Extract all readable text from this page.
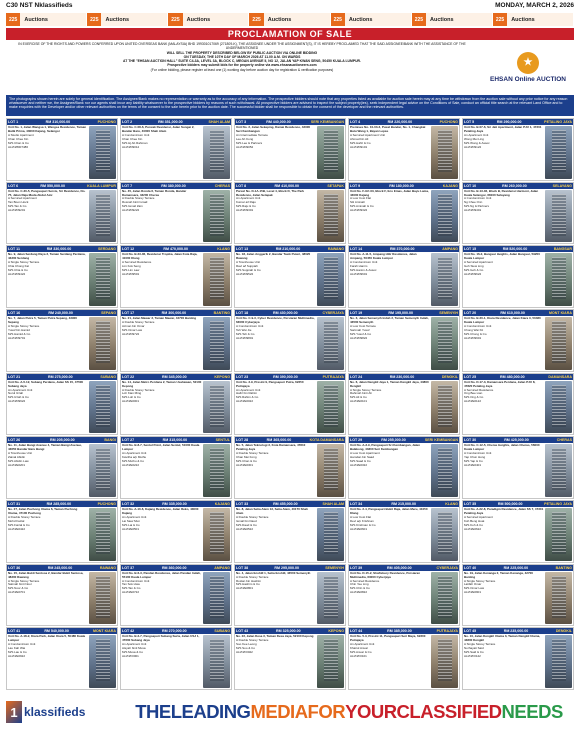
C30 NST Nklassifieds	MONDAY, MARCH 2, 2026
225	Auctions	225	Auctions	225	Auctions	225	Auctions	225	Auctions	225	Auctions	225	Auctions
PROCLAMATION OF SALE
IN EXERCISE OF THE RIGHTS AND POWERS CONFERRED UPON UNITED OVERSEAS BANK (MALAYSIA) BHD 199301017069 (271809-K), THE ASSIGNEE UNDER THE ASSIGNMENT(S), IT IS HEREBY PROCLAIMED THAT THE SAID ASSIGNEE/BANK WITH THE ASSISTANCE OF THE UNDERMENTIONED
WILL SELL THE PROPERTY DESCRIBED BELOW BY PUBLIC AUCTION VIA ONLINE BIDDING
ON TUESDAY, THE 10TH DAY OF MARCH 2026 AT 11.00 A.M. ON WARDS
AT THE "EHSAN AUCTION HALL" SUITE C4-3A, LEVEL 3A, BLOCK C, MEGAN AVENUE II, NO 12, JALAN YAP KWAN SENG, 50450 KUALA LUMPUR.
Prospective bidders may submit bids for the property online via www.ehsanauctioneers.com
(For online bidding, please register at least one (1) working day before auction day for registration & verification purposes)
★
EHSAN Online AUCTION
The photographs shown herein are solely for general identification. The Assignee/Bank makes no representation or warranty as to the accuracy of any information. The prospective bidders should note that any properties listed as available for auction sale herein may at any time be withdrawn from the auction sale without any prior notice for any reason whatsoever and neither we, the Assignee/Bank nor our agents shall incur any liability whatsoever to the prospective bidders by reasons of such withdrawal. All prospective bidders are advised to inspect the subject property(ies), seek independent legal advice on the Conditions of Sale, conduct an official title search at the relevant Land Office and to make enquiries with the Developer and/or other relevant authorities on the terms of the consent to the sale herein prior to the auction date. The successful bidder shall be responsible to obtain the consent of the developer and the relevant authorities.
LOT 1	RM 310,000.00	PUCHONG
Unit No. 1, Jalan Wangsa 1, Wangsa Residence, Taman Batik Prima, 43000 Kajang, Selangor
A Studio Apartment
Chan Chee Kin
M/S Chan & Co
ALI/N/8007486
LOT 6	RM 550,000.00	KUALA LUMPUR
Unit No. C-30-5, Pangsapuri Servis, Sri Residence, No. 75, Jalan Raja Muda Abdul Aziz
A Serviced Apartment
Tan Boon Hock
M/S Tan & Co
ALI/N/D9201
LOT 11	RM 330,000.00	SERDANG
No. 9, Jalan Serdang Raya 3, Taman Serdang Perdana, 43300 Serdang
A Single Storey Terrace
Chia Chong Fat
M/S Chia & Co
ALI/N/D9422
LOT 16	RM 240,000.00	SEPANG
No. 7, Jalan Putra 5, Taman Putra Sepang, 43900 Sepang
A Single Storey Terrace
Yusof bin Hamid
M/S Hamid & Co
ALI/N/D9701
LOT 21	RM 275,000.00	SUBANG
Unit No. A-5-12, Subang Perdana, Jalan SS 15, 47500 Subang Jaya
An Apartment Unit
Nurul Izzah
M/S Izzah & Co
ALI/N/D9922
LOT 26	RM 205,000.00	BANGI
No. 11, Jalan Bangi Avenue 4, Taman Bangi Avenue, 43650 Bandar Baru Bangi
A Townhouse Unit
Zainal Abidin
M/S Abidin Law
ALI/N/E0201
LOT 31	RM 285,000.00	PUCHONG
No. 27, Jalan Puchong Utama 6, Taman Puchong Utama, 47100 Puchong
A Double Storey Terrace
Mohd Faizal
M/S Faizal & Co
ALI/N/E0422
LOT 36	RM 245,000.00	RAWANG
No. 15, Jalan Bukit Sentosa 2, Bandar Bukit Sentosa, 48300 Rawang
A Single Storey Terrace
Salmah binti Noor
M/S Noor & Co
ALI/N/E0701
LOT 41	RM 540,000.00	MONT KIARA
Unit No. A-18-2, Kiara Park, Jalan Kiara 5, 50480 Kuala Lumpur
A Condominium Unit
Lau Kah Wai
M/S Lau & Co
ALI/N/E0922
LOT 2	RM 351,000.00	SHAH ALAM
Unit No. C-08-6, Puncak Residensi, Jalan Sungai 2, Bandar Baru, 40000 Shah Alam
A Condominium Unit
Chan Chee Kin
M/S Hj Ab Rahman
ALI/N/D9012
LOT 7	RM 380,000.00	CHERAS
No. 45, Jalan Ronda 6, Taman Ronda, Bandar Damansara, 43200 Cheras
A Double Storey Terrace
Rosnah binti Ismail
M/S Ismail Zain
ALI/N/D9222
LOT 12	RM 470,000.00	KLANG
Unit No. B-23-06, Residensi Tropika, Jalan Kota Raja, 41000 Klang
A Serviced Residence
Lim Kok Seng
M/S Lim Law
ALI/N/D9501
LOT 17	RM 300,000.00	BANTING
No. 21, Jalan Mawar 3, Taman Mawar, 42700 Banting
A Double Storey Terrace
Azman bin Omar
M/S Omar Law
ALI/N/D9722
LOT 22	RM 345,000.00	KEPONG
No. 14, Jalan Metro Perdana 2, Taman Usahawan, 52100 Kepong
A Double Storey Terrace
Loh Kian Ming
M/S Loh & Co
ALI/N/E0001
LOT 27	RM 315,000.00	SENTUL
Unit No. B-8-7, Sentul Point, Jalan Sentul, 51000 Kuala Lumpur
An Apartment Unit
Kavitha a/p Muthu
M/S Muthu & Co
ALI/N/E0222
LOT 32	RM 335,000.00	KAJANG
Unit No. A-10-6, Kajang Residence, Jalan Reko, 43000 Kajang
An Apartment Unit
Lai Siew Mun
M/S Lai & Co
ALI/N/E0501
LOT 37	RM 360,000.00	AMPANG
Unit No. B-6-3, Pandan Residence, Jalan Pandan Indah, 55100 Kuala Lumpur
A Condominium Unit
Tan Sok Hwa
M/S Tan & Co
ALI/N/E0722
LOT 42	RM 270,000.00	SUBANG
Unit No. B-2-7, Pangsapuri Subang Suria, Jalan USJ 1, 47600 Subang Jaya
An Apartment Unit
Aisyah binti Musa
M/S Musa & Co
ALI/N/F0001
LOT 3	RM 440,000.00	SERI KEMBANGAN
Unit No. 2, Jalan Sekeping, Damai Residence, 43300 Seri Kembangan
An Intermediate Terrace
Lee Ah Kong
M/S Lee & Partners
ALI/N/D9052
LOT 8	RM 410,000.00	SETAPAK
Parcel No. D-1A-15B, Level 4, Block D, The Park Residence, Jalan Setapak
An Apartment Unit
Kumar a/l Raju
M/S Raju & Co
ALI/N/D9301
LOT 13	RM 210,000.00	RAWANG
No. 18, Jalan Anggerik 2, Bandar Tasik Puteri, 48020 Rawang
A Townhouse Unit
Ravi a/l Suppiah
M/S Suppiah & Co
ALI/N/D9522
LOT 18	RM 430,000.00	CYBERJAYA
Unit No. C-9-3, Cyber Residence, Persiaran Multimedia, 63000 Cyberjaya
A Condominium Unit
Teh Wei Jie
M/S Teh & Co
ALI/N/D9801
LOT 23	RM 390,000.00	PUTRAJAYA
Unit No. 3-9, Presint 9, Pangsapuri Putra, 62250 Putrajaya
An Apartment Unit
Hafiz bin Rahim
M/S Rahim & Co
ALI/N/E0022
LOT 28	RM 365,000.00	KOTA DAMANSARA
No. 5, Jalan Teknologi 3, Kota Damansara, 47810 Petaling Jaya
A Double Storey Terrace
Chan Mei Fong
M/S Chan & Co
ALI/N/E0301
LOT 33	RM 455,000.00	SHAH ALAM
No. 8, Jalan Setia Alam 13, Setia Alam, 40170 Shah Alam
A Double Storey Terrace
Ismail bin Daud
M/S Daud & Co
ALI/N/E0522
LOT 38	RM 295,000.00	SEMENYIH
No. 4, Jalan Ecohill 1, Setia Ecohill, 43500 Semenyih
A Double Storey Terrace
Roslan bin Hashim
M/S Hashim & Co
ALI/N/E0801
LOT 43	RM 325,000.00	KEPONG
No. 22, Jalan Desa 3, Taman Desa Jaya, 52100 Kepong
A Double Storey Terrace
Soo Kee Leong
M/S Soo & Co
ALI/N/F0022
LOT 4	RM 220,000.00	PUCHONG
Premises No. 10-03-3, Pusat Bandar, No. 1, Changkat Batu Wang 1, Bayan Lepas
A Serviced Apartment Unit
Ahmad bin Ali
M/S Hafiz & Co
ALI/N/D9101
LOT 9	RM 180,000.00	KAJANG
Unit No. F-GF-03, Block F, Eco Emas, Jalan Bayu Lama, 43000 Kajang
A Low Cost Flat
Siti Aminah
M/S Aminah & Co
ALI/N/D9322
LOT 14	RM 370,000.00	AMPANG
Unit No. A-11-5, Ampang Hilir Residence, Jalan Ampang, 50450 Kuala Lumpur
A Condominium Unit
Farah Hanim
M/S Hanim & Assoc
ALI/N/D9601
LOT 19	RM 195,000.00	SEMENYIH
No. 3, Jalan Semenyih Indah 2, Taman Semenyih Indah, 43500 Semenyih
A Low Cost Terrace
Sarimah Yusof
M/S Yusof & Co
ALI/N/D9822
LOT 24	RM 230,000.00	DENGKIL
No. 6, Jalan Dengkil Jaya 1, Taman Dengkil Jaya, 43800 Dengkil
A Single Storey Terrace
Rahmah binti Ali
M/S Ali & Co
ALI/N/E0101
LOT 29	RM 255,000.00	SERI KEMBANGAN
Unit No. A-3-9, Pangsapuri Sri Kembangan, Jalan Balakong, 43300 Seri Kembangan
A Low Cost Apartment
Hamdan bin Saad
M/S Saad & Co
ALI/N/E0322
LOT 34	RM 215,000.00	KLANG
Unit No. 2-4, Pangsapuri Bukit Raja, Jalan Meru, 41050 Klang
A Low Cost Flat
Devi a/p Krishnan
M/S Krishnan & Co
ALI/N/E0601
LOT 39	RM 405,000.00	CYBERJAYA
Unit No. D-15-2, Shaftsbury Residence, Persiaran Multimedia, 63000 Cyberjaya
A Serviced Residence
Chin Yee Ling
M/S Chin & Co
ALI/N/E0822
LOT 44	RM 385,000.00	PUTRAJAYA
Unit No. 5-3, Presint 11, Pangsapuri Seri Maya, 62300 Putrajaya
An Apartment Unit
Khairul Anuar
M/S Anuar & Co
ALI/N/F0101
LOT 5	RM 290,000.00	PETALING JAYA
Unit No. B-07-6, Sri Jati Apartment, Jalan PJU 1, 47301 Petaling Jaya
An Apartment Unit
Wong Mei Ling
M/S Wong & Assoc
ALI/N/D9122
LOT 10	RM 260,000.00	SELAYANG
Unit No. B-13-02, Block B, Residensi Harmoni, Jalan Kuala Selangor, 68100 Selayang
A Condominium Unit
Ng Chee Onn
M/S Ng & Partners
ALI/N/D9401
LOT 15	RM 520,000.00	BANGSAR
Unit No. 16-2, Bangsar Heights, Jalan Bangsar, 59200 Kuala Lumpur
A Serviced Apartment
Goh Siew Ling
M/S Goh & Co
ALI/N/D9622
LOT 20	RM 610,000.00	MONT KIARA
Unit No. B-20-1, Kiara Residence, Jalan Kiara 3, 50480 Kuala Lumpur
A Condominium Unit
Chong Wai Kit
M/S Chong & Co
ALI/N/D9901
LOT 25	RM 480,000.00	DAMANSARA
Unit No. D-17-3, Damansara Perdana, Jalan PJU 8, 47820 Petaling Jaya
A Serviced Residence
Ong Bee Lian
M/S Ong & Co
ALI/N/E0122
LOT 30	RM 425,000.00	CHERAS
Unit No. C-12-5, Cheras Heights, Jalan Cheras, 56000 Kuala Lumpur
A Condominium Unit
Yap Chun Hong
M/S Yap & Co
ALI/N/E0401
LOT 35	RM 500,000.00	PETALING JAYA
Unit No. A-22-8, Paradigm Residence, Jalan SS 7, 47301 Petaling Jaya
A Serviced Apartment
Koh Beng Huat
M/S Koh & Co
ALI/N/E0622
LOT 40	RM 225,000.00	BANTING
No. 19, Jalan Kenanga 2, Taman Kenanga, 42700 Banting
A Single Storey Terrace
Latifah Omar
M/S Omar Law
ALI/N/E0901
LOT 45	RM 235,000.00	DENGKIL
No. 10, Jalan Dengkil Utama 3, Taman Dengkil Utama, 43800 Dengkil
A Single Storey Terrace
Norhayati Said
M/S Said & Co
ALI/N/F0122
1 klassifieds	THELEADING MEDIAFOR YOURCLASSIFIED NEEDS
